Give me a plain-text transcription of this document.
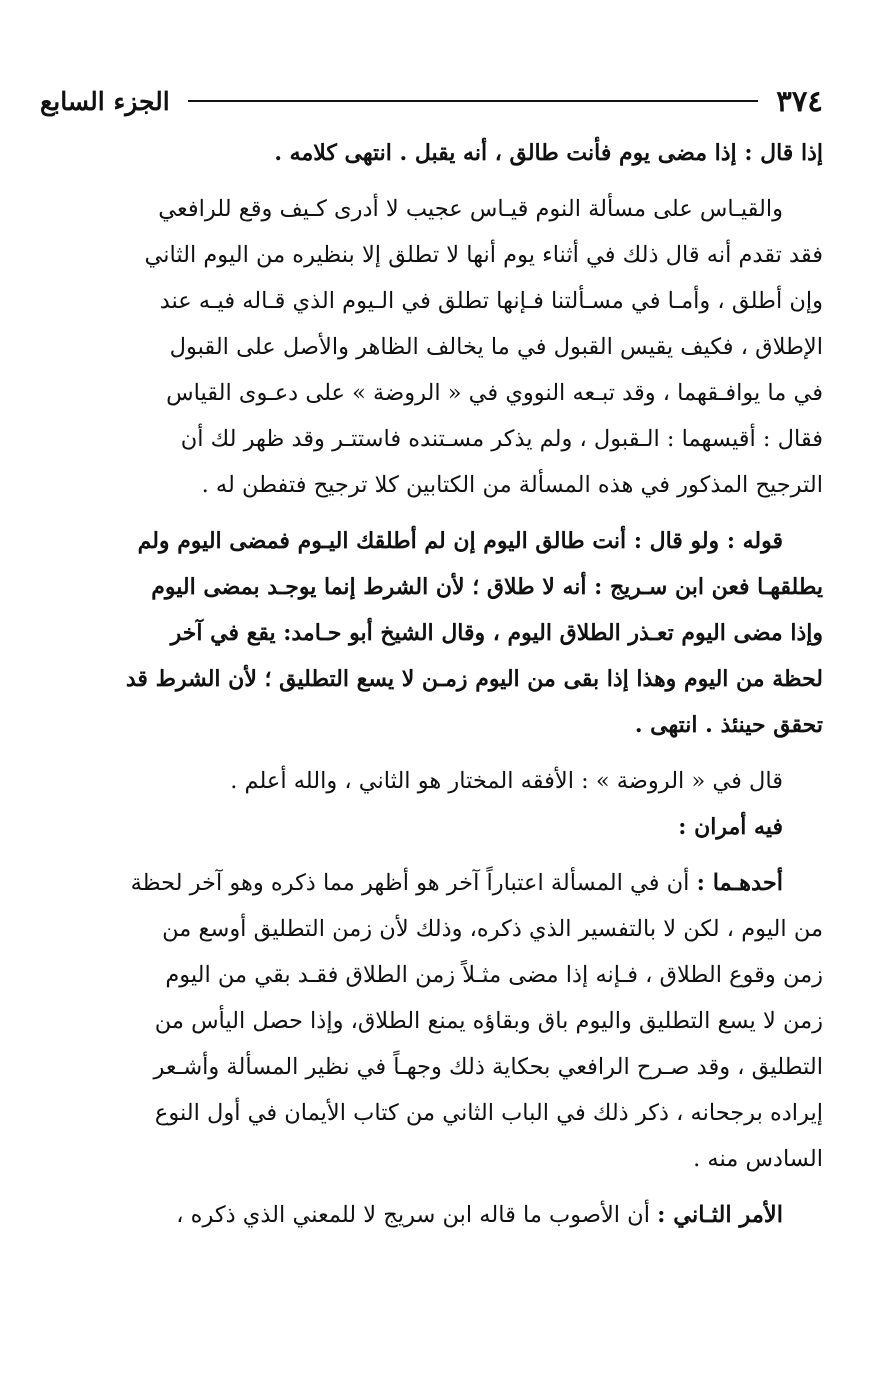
٣٧٤
الجزء السابع
إذا قال : إذا مضى يوم فأنت طالق ، أنه يقبل . انتهى كلامه .
والقيـاس على مسألة النوم قيـاس عجيب لا أدرى كـيف وقع للرافعي
فقد تقدم أنه قال ذلك في أثناء يوم أنها لا تطلق إلا بنظيره من اليوم الثاني
وإن أطلق ، وأمـا في مسـألتنا فـإنها تطلق في الـيوم الذي قـاله فيـه عند
الإطلاق ، فكيف يقيس القبول في ما يخالف الظاهر والأصل على القبول
في ما يوافـقهما ، وقد تبـعه النووي في « الروضة » على دعـوى القياس
فقال : أقيسهما : الـقبول ، ولم يذكر مسـتنده فاستتـر وقد ظهر لك أن
الترجيح المذكور في هذه المسألة من الكتابين كلا ترجيح فتفطن له .
قوله : ولو قال : أنت طالق اليوم إن لم أطلقك اليـوم فمضى اليوم ولم
يطلقهـا فعن ابن سـريج : أنه لا طلاق ؛ لأن الشرط إنما يوجـد بمضى اليوم
وإذا مضى اليوم تعـذر الطلاق اليوم ، وقال الشيخ أبو حـامد: يقع في آخر
لحظة من اليوم وهذا إذا بقى من اليوم زمـن لا يسع التطليق ؛ لأن الشرط قد
تحقق حينئذ . انتهى .
قال في « الروضة » : الأفقه المختار هو الثاني ، والله أعلم .
فيه أمران :
أحدهـما : أن في المسألة اعتباراً آخر هو أظهر مما ذكره وهو آخر لحظة
من اليوم ، لكن لا بالتفسير الذي ذكره، وذلك لأن زمن التطليق أوسع من
زمن وقوع الطلاق ، فـإنه إذا مضى مثـلاً زمن الطلاق فقـد بقي من اليوم
زمن لا يسع التطليق واليوم باق وبقاؤه يمنع الطلاق، وإذا حصل اليأس من
التطليق ، وقد صـرح الرافعي بحكاية ذلك وجهـاً في نظير المسألة وأشـعر
إيراده برجحانه ، ذكر ذلك في الباب الثاني من كتاب الأيمان في أول النوع
السادس منه .
الأمر الثـاني : أن الأصوب ما قاله ابن سريج لا للمعني الذي ذكره ،
